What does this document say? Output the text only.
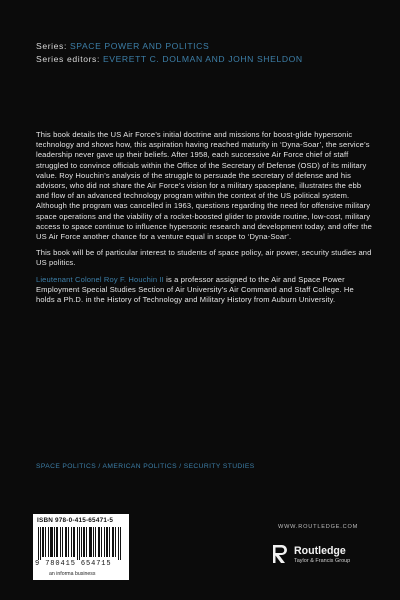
Series: SPACE POWER AND POLITICS
Series editors: EVERETT C. DOLMAN AND JOHN SHELDON

This book details the US Air Force’s initial doctrine and missions for boost-glide hypersonic technology and shows how, this aspiration having reached maturity in ‘Dyna-Soar’, the service’s leadership never gave up their beliefs. After 1958, each successive Air Force chief of staff struggled to convince officials within the Office of the Secretary of Defense (OSD) of its military value. Roy Houchin’s analysis of the struggle to persuade the secretary of defense and his advisors, who did not share the Air Force’s vision for a military spaceplane, illustrates the ebb and flow of an advanced technology program within the context of the US political system. Although the program was cancelled in 1963, questions regarding the need for offensive military space operations and the viability of a rocket-boosted glider to provide routine, low-cost, military access to space continue to influence hypersonic research and development today, and offer the US Air Force another chance for a venture equal in scope to ‘Dyna-Soar’.

This book will be of particular interest to students of space policy, air power, security studies and US politics.

Lieutenant Colonel Roy F. Houchin II is a professor assigned to the Air and Space Power Employment Special Studies Section of Air University’s Air Command and Staff College. He holds a Ph.D. in the History of Technology and Military History from Auburn University.

SPACE POLITICS / AMERICAN POLITICS / SECURITY STUDIES
ISBN 978-0-415-65471-5
9 780415 654715
an informa business
WWW.ROUTLEDGE.COM
Routledge
Taylor & Francis Group
